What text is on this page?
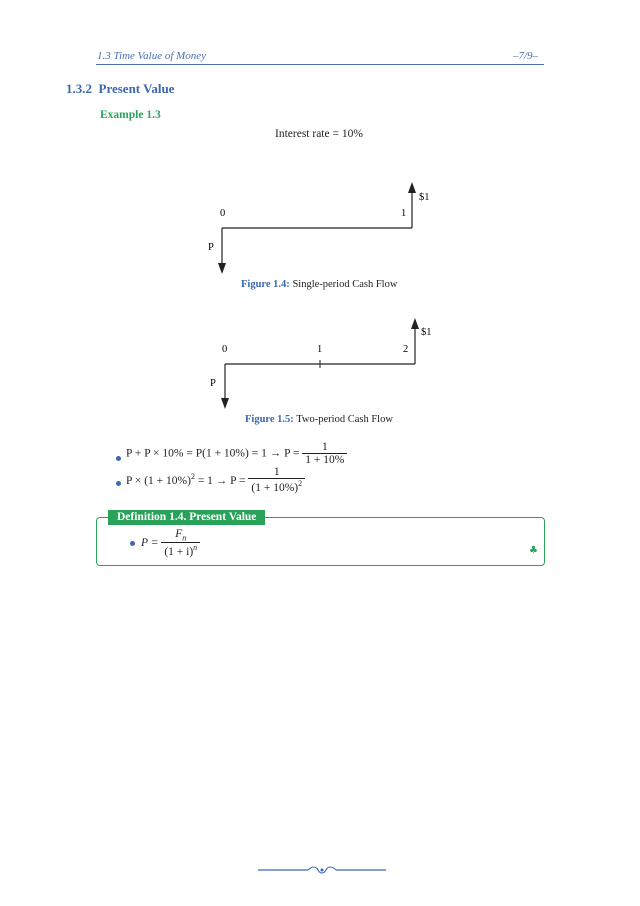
1.3 Time Value of Money	–7/9–
1.3.2 Present Value
Example 1.3
Interest rate = 10%
0	1
P
$1
Figure 1.4: Single-period Cash Flow
0	1	2
P
$1
Figure 1.5: Two-period Cash Flow
$P + P \times 10\% = P(1 + 10\%) = 1 \to P = \frac{1}{1 + 10\%}$
$P \times (1 + 10\%)^2 = 1 \to P = \frac{1}{(1 + 10\%)^2}$
Definition 1.4. Present Value
$P = \frac{F_n}{(1 + i)^n}$	♣
